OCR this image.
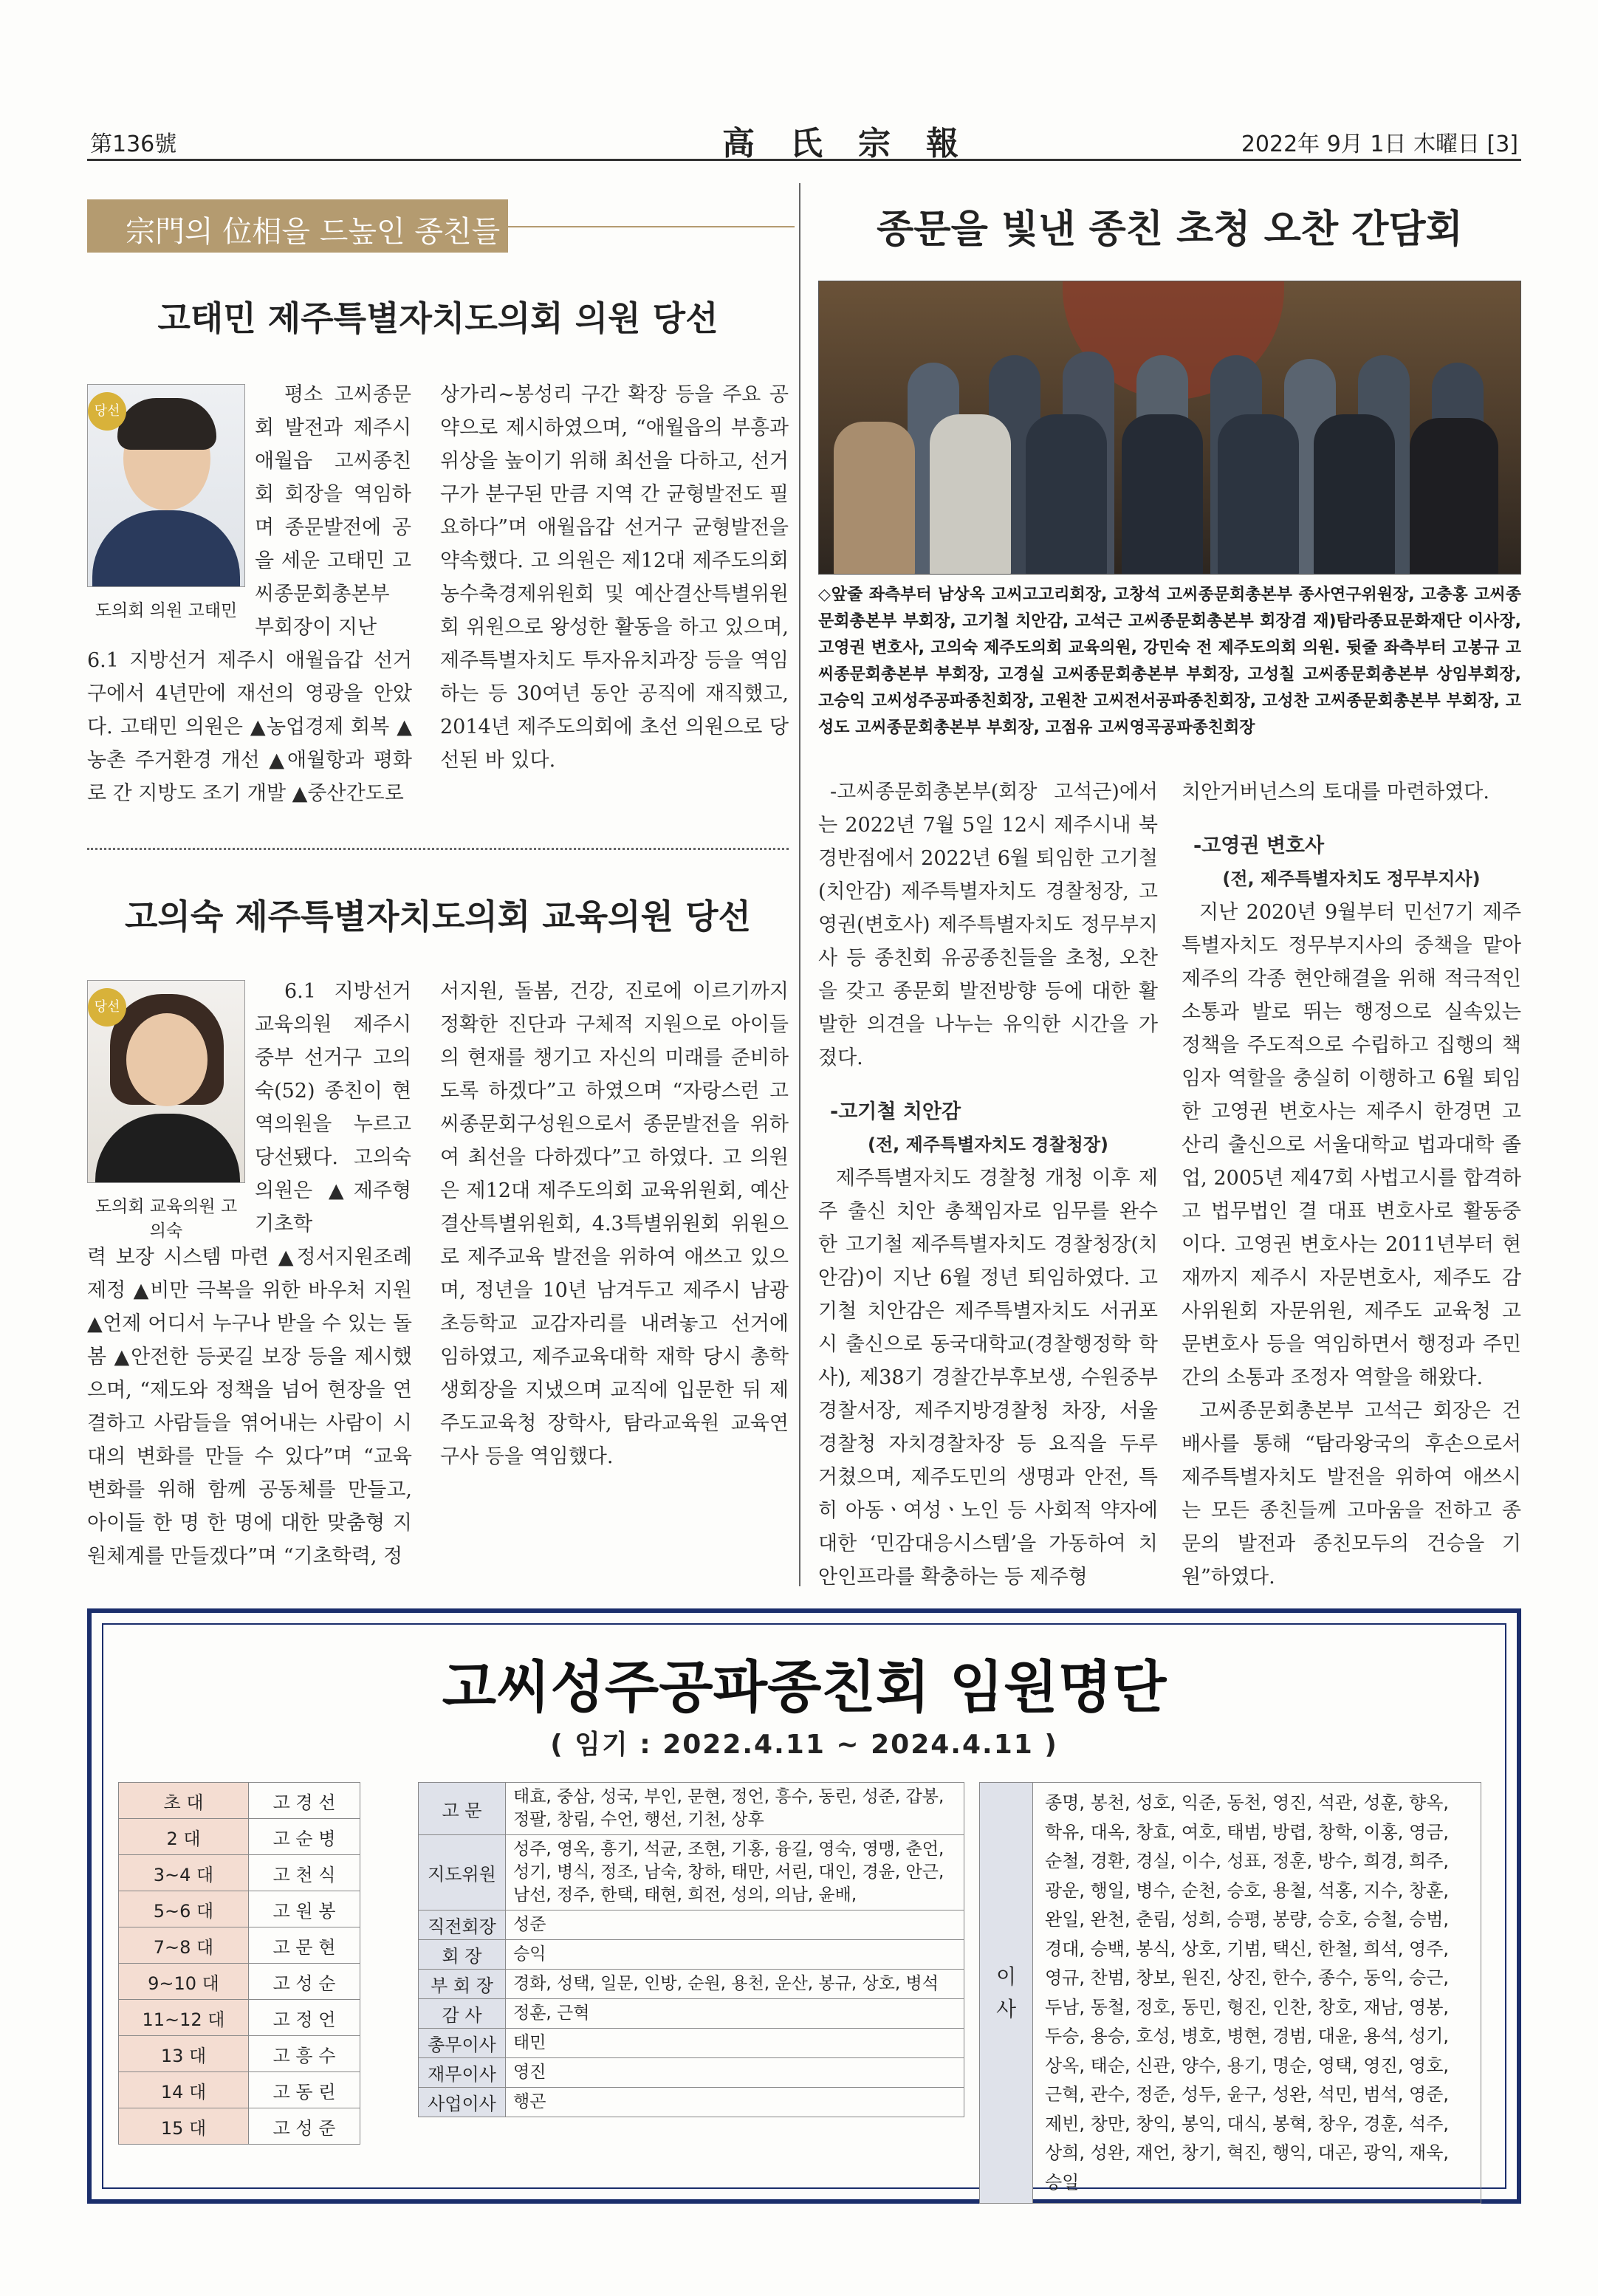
第136號	高氏宗報	2022年 9月 1日 木曜日 [3]
宗門의 位相을 드높인 종친들
고태민 제주특별자치도의회 의원 당선
당선
도의회 의원 고태민
평소 고씨종문회 발전과 제주시 애월읍 고씨종친회 회장을 역임하며 종문발전에 공을 세운 고태민 고씨종문회총본부 부회장이 지난
6.1 지방선거 제주시 애월읍갑 선거구에서 4년만에 재선의 영광을 안았다. 고태민 의원은 ▲농업경제 회복 ▲농촌 주거환경 개선 ▲애월항과 평화로 간 지방도 조기 개발 ▲중산간도로
상가리~봉성리 구간 확장 등을 주요 공약으로 제시하였으며, “애월읍의 부흥과 위상을 높이기 위해 최선을 다하고, 선거구가 분구된 만큼 지역 간 균형발전도 필요하다”며 애월읍갑 선거구 균형발전을 약속했다. 고 의원은 제12대 제주도의회 농수축경제위원회 및 예산결산특별위원회 위원으로 왕성한 활동을 하고 있으며, 제주특별자치도 투자유치과장 등을 역임하는 등 30여년 동안 공직에 재직했고, 2014년 제주도의회에 초선 의원으로 당선된 바 있다.
고의숙 제주특별자치도의회 교육의원 당선
당선
도의회 교육의원 고의숙
6.1 지방선거 교육의원 제주시 중부 선거구 고의숙(52) 종친이 현역의원을 누르고 당선됐다. 고의숙 의원은 ▲제주형 기초학
력 보장 시스템 마련 ▲정서지원조례 제정 ▲비만 극복을 위한 바우처 지원 ▲언제 어디서 누구나 받을 수 있는 돌봄 ▲안전한 등굣길 보장 등을 제시했으며, “제도와 정책을 넘어 현장을 연결하고 사람들을 엮어내는 사람이 시대의 변화를 만들 수 있다”며 “교육 변화를 위해 함께 공동체를 만들고, 아이들 한 명 한 명에 대한 맞춤형 지원체계를 만들겠다”며 “기초학력, 정
서지원, 돌봄, 건강, 진로에 이르기까지 정확한 진단과 구체적 지원으로 아이들의 현재를 챙기고 자신의 미래를 준비하도록 하겠다”고 하였으며 “자랑스런 고씨종문회구성원으로서 종문발전을 위하여 최선을 다하겠다”고 하였다. 고 의원은 제12대 제주도의회 교육위원회, 예산결산특별위원회, 4.3특별위원회 위원으로 제주교육 발전을 위하여 애쓰고 있으며, 정년을 10년 남겨두고 제주시 남광초등학교 교감자리를 내려놓고 선거에 임하였고, 제주교육대학 재학 당시 총학생회장을 지냈으며 교직에 입문한 뒤 제주도교육청 장학사, 탐라교육원 교육연구사 등을 역임했다.
종문을 빛낸 종친 초청 오찬 간담회
◇앞줄 좌측부터 남상옥 고씨고고리회장, 고창석 고씨종문회총본부 종사연구위원장, 고충홍 고씨종문회총본부 부회장, 고기철 치안감, 고석근 고씨종문회총본부 회장겸 재)탐라종묘문화재단 이사장, 고영권 변호사, 고의숙 제주도의회 교육의원, 강민숙 전 제주도의회 의원. 뒷줄 좌측부터 고봉규 고씨종문회총본부 부회장, 고경실 고씨종문회총본부 부회장, 고성칠 고씨종문회총본부 상임부회장, 고승익 고씨성주공파종친회장, 고원찬 고씨전서공파종친회장, 고성찬 고씨종문회총본부 부회장, 고성도 고씨종문회총본부 부회장, 고점유 고씨영곡공파종친회장
-고씨종문회총본부(회장 고석근)에서는 2022년 7월 5일 12시 제주시내 북경반점에서 2022년 6월 퇴임한 고기철(치안감) 제주특별자치도 경찰청장, 고영권(변호사) 제주특별자치도 정무부지사 등 종친회 유공종친들을 초청, 오찬을 갖고 종문회 발전방향 등에 대한 활발한 의견을 나누는 유익한 시간을 가졌다.
-고기철 치안감
(전, 제주특별자치도 경찰청장)
제주특별자치도 경찰청 개청 이후 제주 출신 치안 총책임자로 임무를 완수한 고기철 제주특별자치도 경찰청장(치안감)이 지난 6월 정년 퇴임하였다. 고기철 치안감은 제주특별자치도 서귀포시 출신으로 동국대학교(경찰행정학 학사), 제38기 경찰간부후보생, 수원중부경찰서장, 제주지방경찰청 차장, 서울경찰청 자치경찰차장 등 요직을 두루 거쳤으며, 제주도민의 생명과 안전, 특히 아동ㆍ여성ㆍ노인 등 사회적 약자에 대한 ‘민감대응시스템’을 가동하여 치안인프라를 확충하는 등 제주형
치안거버넌스의 토대를 마련하였다.
-고영권 변호사
(전, 제주특별자치도 정무부지사)
지난 2020년 9월부터 민선7기 제주특별자치도 정무부지사의 중책을 맡아 제주의 각종 현안해결을 위해 적극적인 소통과 발로 뛰는 행정으로 실속있는 정책을 주도적으로 수립하고 집행의 책임자 역할을 충실히 이행하고 6월 퇴임한 고영권 변호사는 제주시 한경면 고산리 출신으로 서울대학교 법과대학 졸업, 2005년 제47회 사법고시를 합격하고 법무법인 결 대표 변호사로 활동중이다. 고영권 변호사는 2011년부터 현재까지 제주시 자문변호사, 제주도 감사위원회 자문위원, 제주도 교육청 고문변호사 등을 역임하면서 행정과 주민간의 소통과 조정자 역할을 해왔다.
고씨종문회총본부 고석근 회장은 건배사를 통해 “탐라왕국의 후손으로서 제주특별자치도 발전을 위하여 애쓰시는 모든 종친들께 고마움을 전하고 종문의 발전과 종친모두의 건승을 기원”하였다.
고씨성주공파종친회 임원명단
( 임기 : 2022.4.11 ~ 2024.4.11 )
초 대	고 경 선
2 대	고 순 병
3~4 대	고 천 식
5~6 대	고 원 봉
7~8 대	고 문 현
9~10 대	고 성 순
11~12 대	고 정 언
13 대	고 흥 수
14 대	고 동 린
15 대	고 성 준
고 문	태효, 중삼, 성국, 부인, 문현, 정언, 흥수, 동린, 성준, 갑봉, 정팔, 창림, 수언, 행선, 기천, 상후
지도위원	성주, 영옥, 흥기, 석균, 조현, 기홍, 융길, 영숙, 영맹, 춘언, 성기, 병식, 정조, 남숙, 창하, 태만, 서린, 대인, 경윤, 안근, 남선, 정주, 한택, 태현, 희전, 성의, 의남, 윤배,
직전회장	성준
회 장	승익
부 회 장	경화, 성택, 일문, 인방, 순원, 용천, 운산, 봉규, 상호, 병석
감 사	정훈, 근혁
총무이사	태민
재무이사	영진
사업이사	행곤
이 사	종명, 봉천, 성호, 익준, 동천, 영진, 석관, 성훈, 향옥, 학유, 대옥, 창효, 여호, 태범, 방렵, 창학, 이홍, 영금, 순철, 경환, 경실, 이수, 성표, 정훈, 방수, 희경, 희주, 광운, 행일, 병수, 순천, 승호, 용철, 석홍, 지수, 창훈, 완일, 완천, 춘림, 성희, 승평, 봉량, 승호, 승철, 승범, 경대, 승백, 봉식, 상호, 기범, 택신, 한철, 희석, 영주, 영규, 찬범, 창보, 원진, 상진, 한수, 종수, 동익, 승근, 두남, 동철, 정호, 동민, 형진, 인찬, 창호, 재남, 영봉, 두승, 용승, 호성, 병호, 병현, 경범, 대윤, 용석, 성기, 상옥, 태순, 신관, 양수, 용기, 명순, 영택, 영진, 영호, 근혁, 관수, 정준, 성두, 윤구, 성완, 석민, 범석, 영준, 제빈, 창만, 창익, 봉익, 대식, 봉혁, 창우, 경훈, 석주, 상희, 성완, 재언, 창기, 혁진, 행익, 대곤, 광익, 재욱, 승일
